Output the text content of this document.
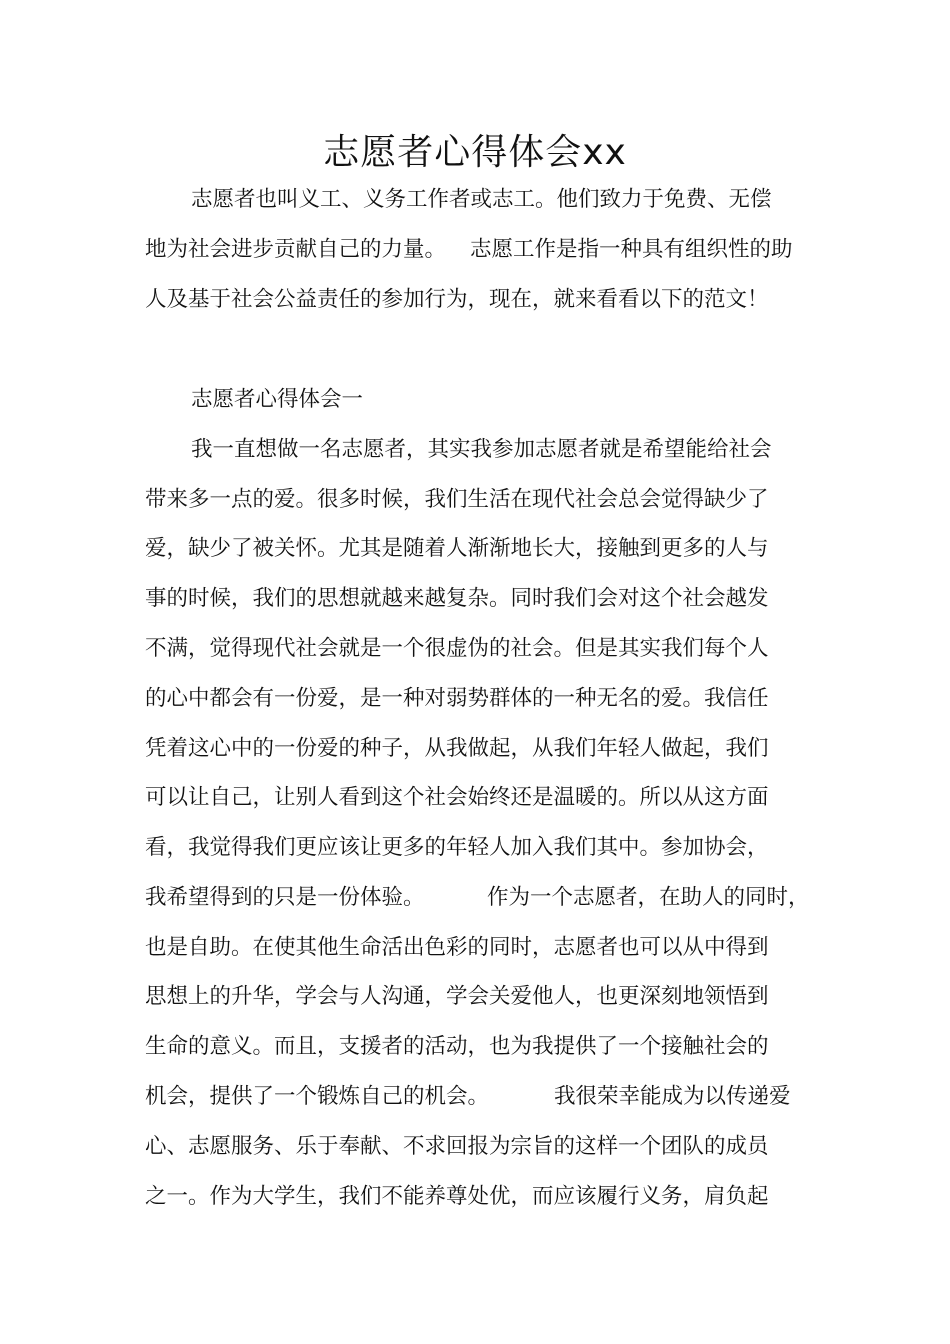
志愿者心得体会xx
志愿者也叫义工、义务工作者或志工。他们致力于免费、无偿
地为社会进步贡献自己的力量。 志愿工作是指一种具有组织性的助
人及基于社会公益责任的参加行为，现在，就来看看以下的范文！
志愿者心得体会一
我一直想做一名志愿者，其实我参加志愿者就是希望能给社会
带来多一点的爱。很多时候，我们生活在现代社会总会觉得缺少了
爱，缺少了被关怀。尤其是随着人渐渐地长大，接触到更多的人与
事的时候，我们的思想就越来越复杂。同时我们会对这个社会越发
不满，觉得现代社会就是一个很虚伪的社会。但是其实我们每个人
的心中都会有一份爱，是一种对弱势群体的一种无名的爱。我信任
凭着这心中的一份爱的种子，从我做起，从我们年轻人做起，我们
可以让自己，让别人看到这个社会始终还是温暖的。所以从这方面
看，我觉得我们更应该让更多的年轻人加入我们其中。参加协会，
我希望得到的只是一份体验。	作为一个志愿者，在助人的同时，
也是自助。在使其他生命活出色彩的同时，志愿者也可以从中得到
思想上的升华，学会与人沟通，学会关爱他人，也更深刻地领悟到
生命的意义。而且，支援者的活动，也为我提供了一个接触社会的
机会，提供了一个锻炼自己的机会。	我很荣幸能成为以传递爱
心、志愿服务、乐于奉献、不求回报为宗旨的这样一个团队的成员
之一。作为大学生，我们不能养尊处优，而应该履行义务，肩负起
